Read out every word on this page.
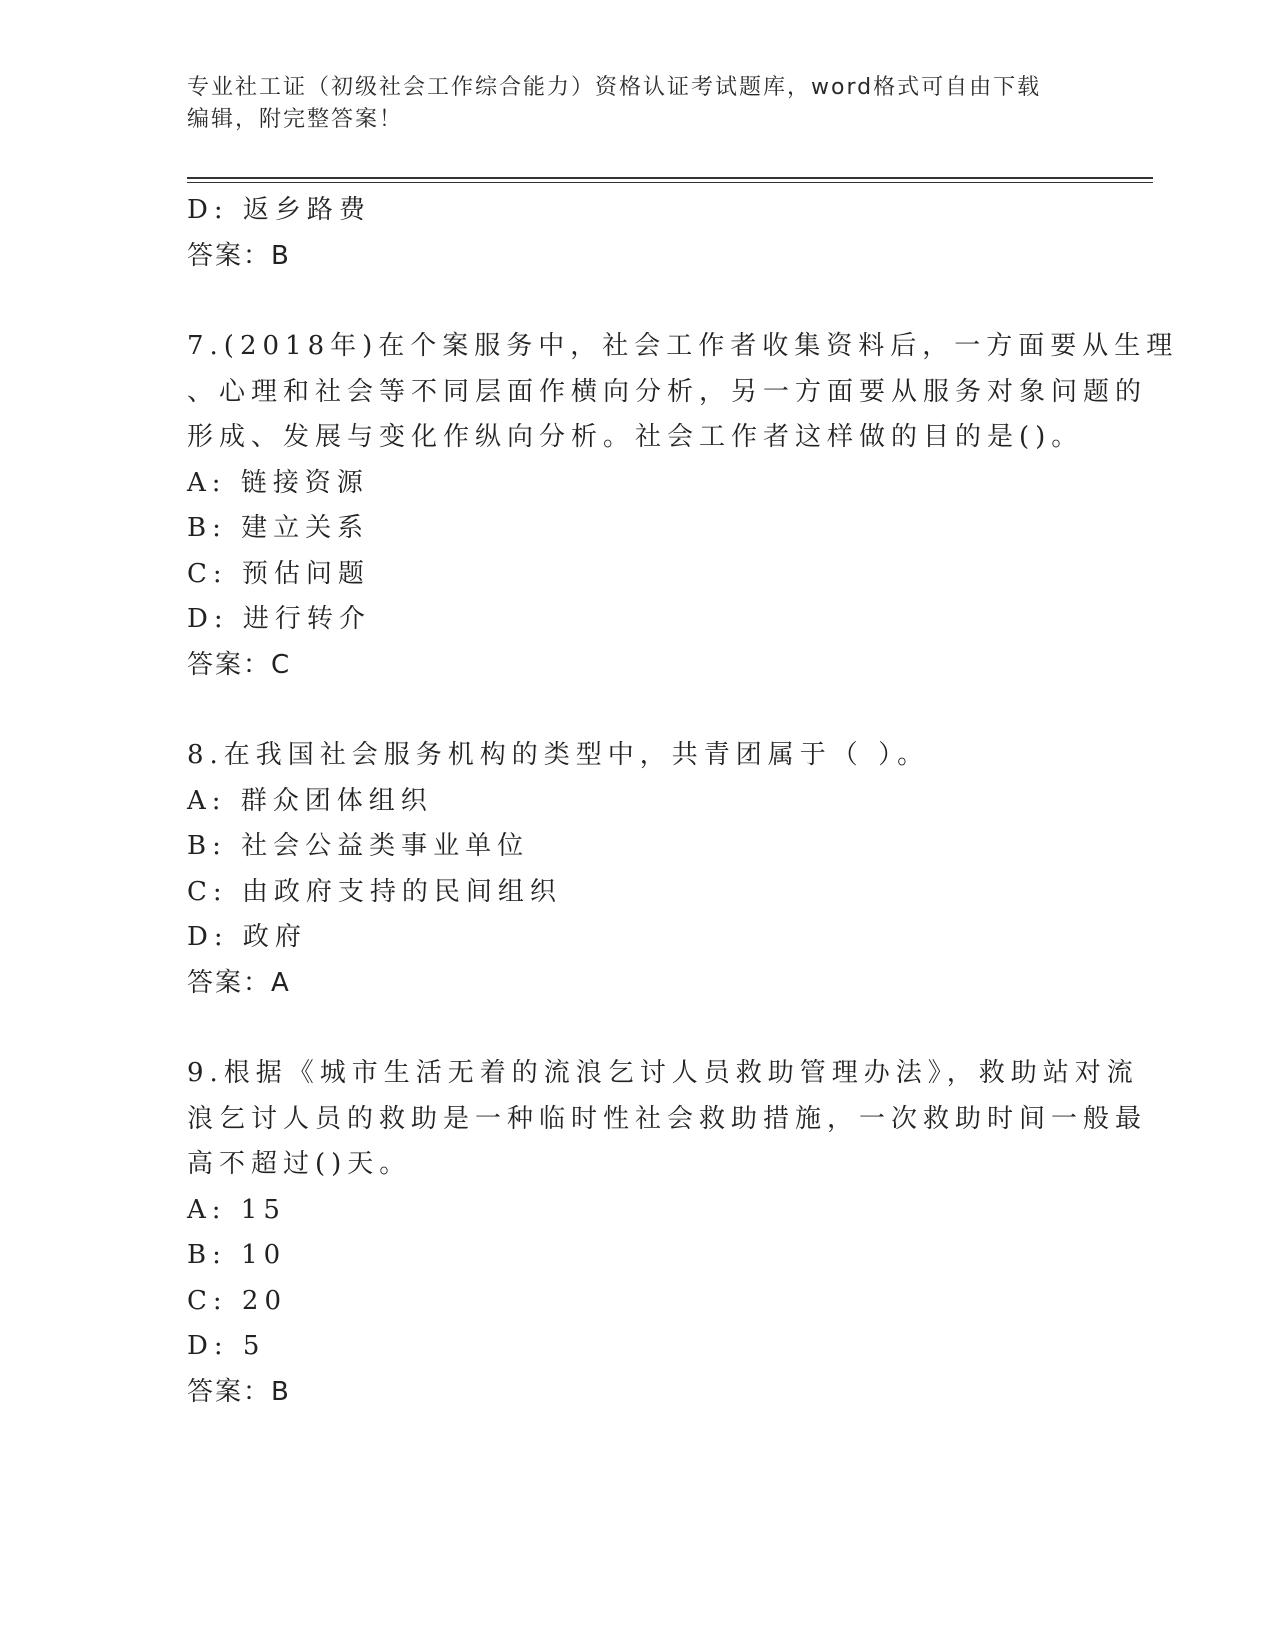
专业社工证（初级社会工作综合能力）资格认证考试题库，word格式可自由下载
编辑，附完整答案！
D: 返乡路费
答案：B
7.(2018年)在个案服务中，社会工作者收集资料后，一方面要从生理
、心理和社会等不同层面作横向分析，另一方面要从服务对象问题的
形成、发展与变化作纵向分析。社会工作者这样做的目的是()。
A: 链接资源
B: 建立关系
C: 预估问题
D: 进行转介
答案：C
8.在我国社会服务机构的类型中，共青团属于（ ）。
A: 群众团体组织
B: 社会公益类事业单位
C: 由政府支持的民间组织
D: 政府
答案：A
9.根据《城市生活无着的流浪乞讨人员救助管理办法》，救助站对流
浪乞讨人员的救助是一种临时性社会救助措施，一次救助时间一般最
高不超过()天。
A: 15
B: 10
C: 20
D: 5
答案：B
